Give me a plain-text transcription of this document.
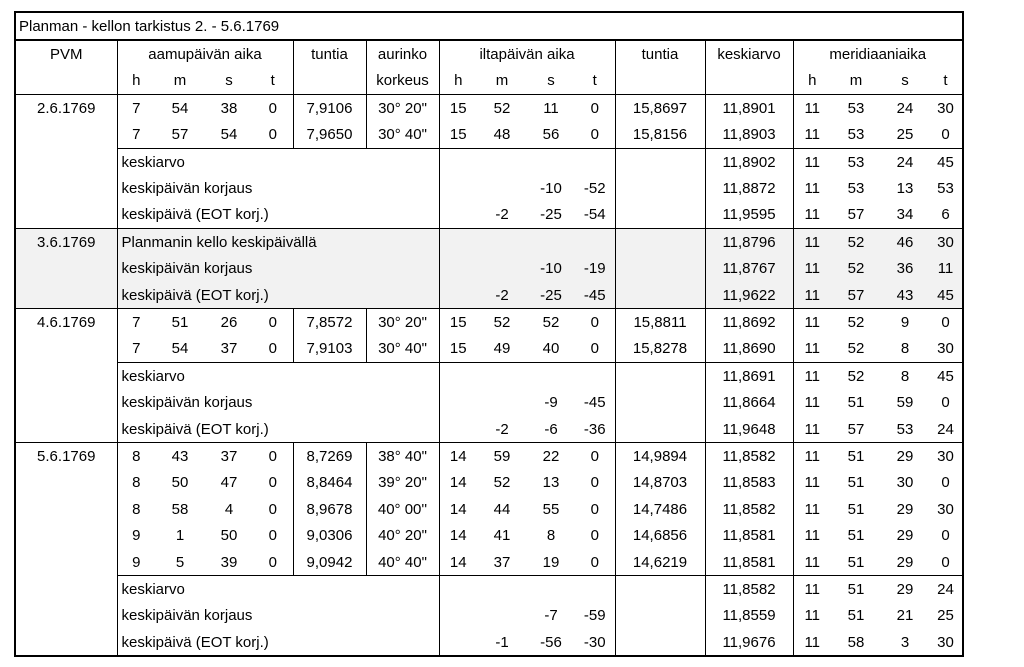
Planman - kellon tarkistus 2. - 5.6.1769																
PVM	aamupäivän aika				tuntia	aurinko	iltapäivän aika				tuntia	keskiarvo	meridiaaniaika			
	h	m	s	t		korkeus	h	m	s	t			h	m	s	t
2.6.1769	7	54	38	0	7,9106	30° 20"	15	52	11	0	15,8697	11,8901	11	53	24	30
	7	57	54	0	7,9650	30° 40"	15	48	56	0	15,8156	11,8903	11	53	25	0
	keskiarvo											11,8902	11	53	24	45
	keskipäivän korjaus								-10	-52		11,8872	11	53	13	53
	keskipäivä (EOT korj.)							-2	-25	-54		11,9595	11	57	34	6
3.6.1769	Planmanin kello keskipäivällä											11,8796	11	52	46	30
	keskipäivän korjaus								-10	-19		11,8767	11	52	36	11
	keskipäivä (EOT korj.)							-2	-25	-45		11,9622	11	57	43	45
4.6.1769	7	51	26	0	7,8572	30° 20"	15	52	52	0	15,8811	11,8692	11	52	9	0
	7	54	37	0	7,9103	30° 40"	15	49	40	0	15,8278	11,8690	11	52	8	30
	keskiarvo											11,8691	11	52	8	45
	keskipäivän korjaus								-9	-45		11,8664	11	51	59	0
	keskipäivä (EOT korj.)							-2	-6	-36		11,9648	11	57	53	24
5.6.1769	8	43	37	0	8,7269	38° 40"	14	59	22	0	14,9894	11,8582	11	51	29	30
	8	50	47	0	8,8464	39° 20"	14	52	13	0	14,8703	11,8583	11	51	30	0
	8	58	4	0	8,9678	40° 00''	14	44	55	0	14,7486	11,8582	11	51	29	30
	9	1	50	0	9,0306	40° 20"	14	41	8	0	14,6856	11,8581	11	51	29	0
	9	5	39	0	9,0942	40° 40"	14	37	19	0	14,6219	11,8581	11	51	29	0
	keskiarvo											11,8582	11	51	29	24
	keskipäivän korjaus								-7	-59		11,8559	11	51	21	25
	keskipäivä (EOT korj.)							-1	-56	-30		11,9676	11	58	3	30
